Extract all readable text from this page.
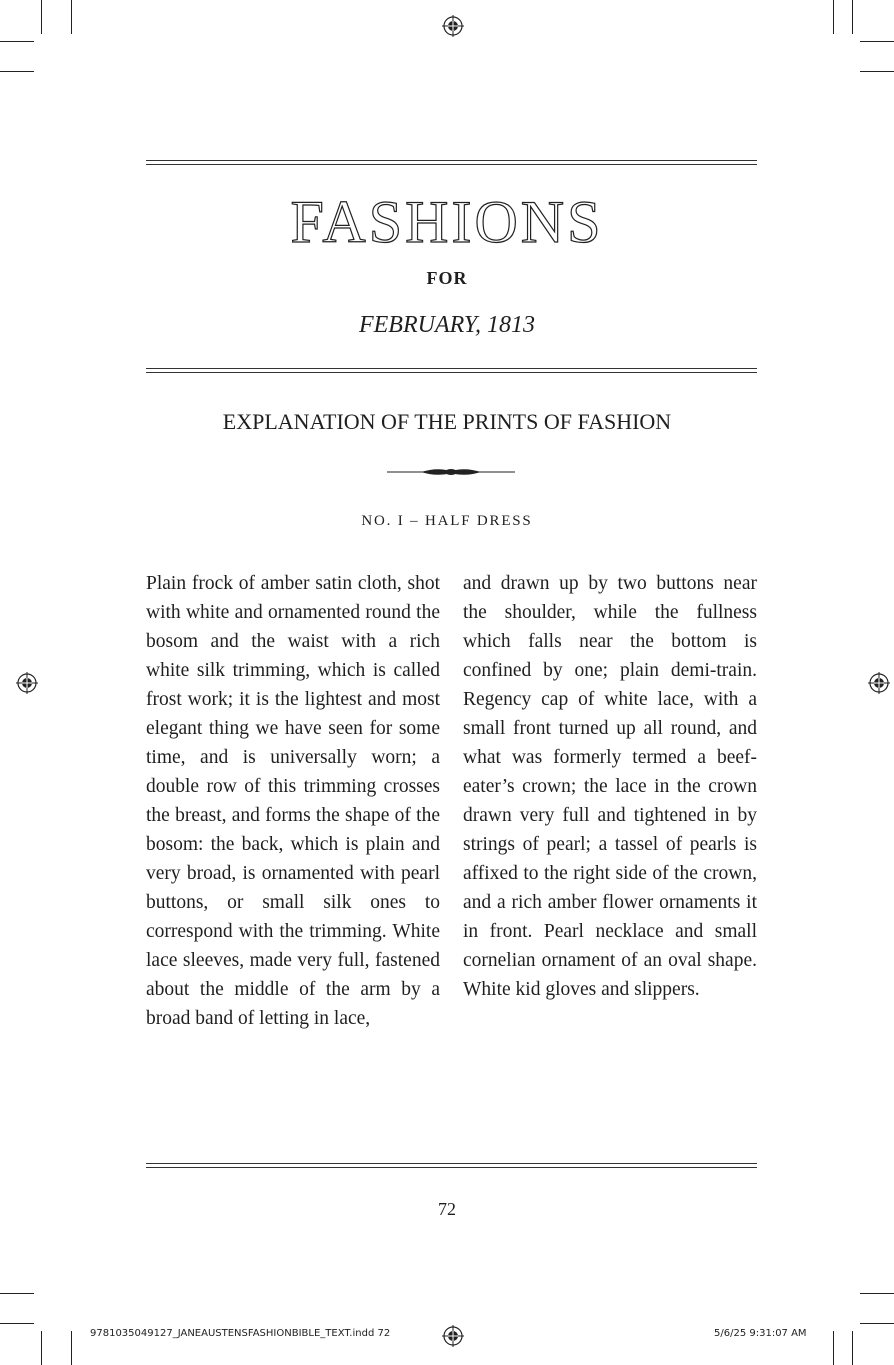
FASHIONS
FOR
FEBRUARY, 1813
EXPLANATION OF THE PRINTS OF FASHION
NO. I – HALF DRESS
Plain frock of amber satin cloth, shot with white and ornamented round the bosom and the waist with a rich white silk trimming, which is called frost work; it is the lightest and most elegant thing we have seen for some time, and is universally worn; a double row of this trimming crosses the breast, and forms the shape of the bosom: the back, which is plain and very broad, is ornamented with pearl buttons, or small silk ones to correspond with the trimming. White lace sleeves, made very full, fastened about the middle of the arm by a broad band of letting in lace,
and drawn up by two buttons near the shoulder, while the fullness which falls near the bottom is confined by one; plain demi-train. Regency cap of white lace, with a small front turned up all round, and what was formerly termed a beef-eater’s crown; the lace in the crown drawn very full and tightened in by strings of pearl; a tassel of pearls is affixed to the right side of the crown, and a rich amber flower ornaments it in front. Pearl necklace and small cornelian ornament of an oval shape. White kid gloves and slippers.
72
9781035049127_JANEAUSTENSFASHIONBIBLE_TEXT.indd 72	5/6/25 9:31:07 AM
